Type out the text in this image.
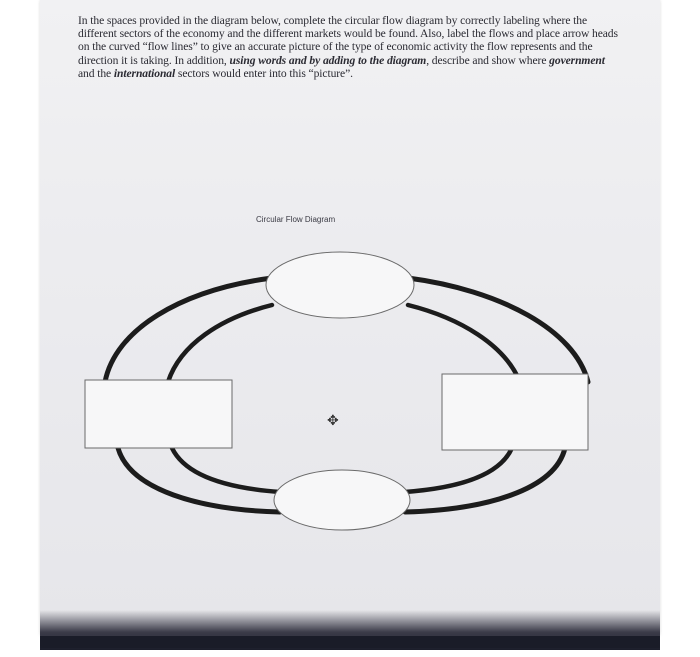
In the spaces provided in the diagram below, complete the circular flow diagram by correctly labeling where the different sectors of the economy and the different markets would be found. Also, label the flows and place arrow heads on the curved “flow lines” to give an accurate picture of the type of economic activity the flow represents and the direction it is taking. In addition, using words and by adding to the diagram, describe and show where government and the international sectors would enter into this “picture”.
Circular Flow Diagram
✥
